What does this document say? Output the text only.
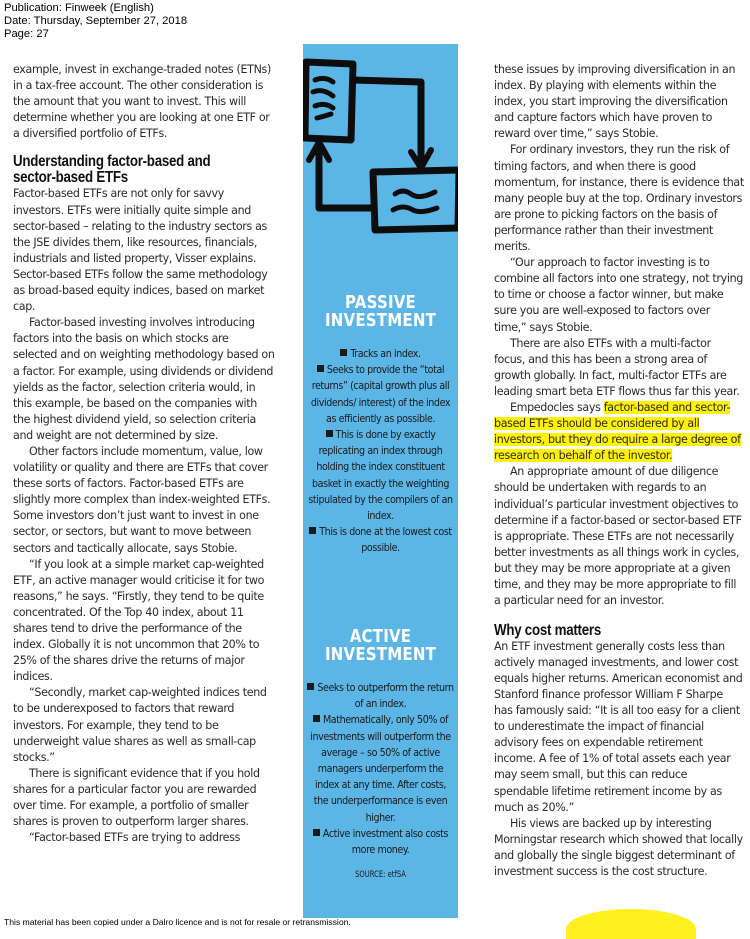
Publication: Finweek (English)
Date: Thursday, September 27, 2018
Page: 27

example, invest in exchange-traded notes (ETNs) in a tax-free account. The other consideration is the amount that you want to invest. This will determine whether you are looking at one ETF or a diversified portfolio of ETFs.

Understanding factor-based and
sector-based ETFs

Factor-based ETFs are not only for savvy investors. ETFs were initially quite simple and sector-based – relating to the industry sectors as the JSE divides them, like resources, financials, industrials and listed property, Visser explains. Sector-based ETFs follow the same methodology as broad-based equity indices, based on market cap.

Factor-based investing involves introducing factors into the basis on which stocks are selected and on weighting methodology based on a factor. For example, using dividends or dividend yields as the factor, selection criteria would, in this example, be based on the companies with the highest dividend yield, so selection criteria and weight are not determined by size.

Other factors include momentum, value, low volatility or quality and there are ETFs that cover these sorts of factors. Factor-based ETFs are slightly more complex than index-weighted ETFs. Some investors don’t just want to invest in one sector, or sectors, but want to move between sectors and tactically allocate, says Stobie.

“If you look at a simple market cap-weighted ETF, an active manager would criticise it for two reasons,” he says. “Firstly, they tend to be quite concentrated. Of the Top 40 index, about 11 shares tend to drive the performance of the index. Globally it is not uncommon that 20% to 25% of the shares drive the returns of major indices.

“Secondly, market cap-weighted indices tend to be underexposed to factors that reward investors. For example, they tend to be underweight value shares as well as small-cap stocks.”

There is significant evidence that if you hold shares for a particular factor you are rewarded over time. For example, a portfolio of smaller shares is proven to outperform larger shares.

“Factor-based ETFs are trying to address

PASSIVE
INVESTMENT

Tracks an index.

Seeks to provide the “total returns” (capital growth plus all dividends/ interest) of the index as efficiently as possible.

This is done by exactly replicating an index through holding the index constituent basket in exactly the weighting stipulated by the compilers of an index.

This is done at the lowest cost possible.

ACTIVE
INVESTMENT

Seeks to outperform the return of an index.

Mathematically, only 50% of investments will outperform the average – so 50% of active managers underperform the index at any time. After costs, the underperformance is even higher.

Active investment also costs more money.

SOURCE: etfSA

these issues by improving diversification in an index. By playing with elements within the index, you start improving the diversification and capture factors which have proven to reward over time,” says Stobie.

For ordinary investors, they run the risk of timing factors, and when there is good momentum, for instance, there is evidence that many people buy at the top. Ordinary investors are prone to picking factors on the basis of performance rather than their investment merits.

“Our approach to factor investing is to combine all factors into one strategy, not trying to time or choose a factor winner, but make sure you are well-exposed to factors over time,” says Stobie.

There are also ETFs with a multi-factor focus, and this has been a strong area of growth globally. In fact, multi-factor ETFs are leading smart beta ETF flows thus far this year.

Empedocles says factor-based and sector-based ETFs should be considered by all investors, but they do require a large degree of research on behalf of the investor.

An appropriate amount of due diligence should be undertaken with regards to an individual’s particular investment objectives to determine if a factor-based or sector-based ETF is appropriate. These ETFs are not necessarily better investments as all things work in cycles, but they may be more appropriate at a given time, and they may be more appropriate to fill a particular need for an investor.

Why cost matters

An ETF investment generally costs less than actively managed investments, and lower cost equals higher returns. American economist and Stanford finance professor William F Sharpe has famously said: “It is all too easy for a client to underestimate the impact of financial advisory fees on expendable retirement income. A fee of 1% of total assets each year may seem small, but this can reduce spendable lifetime retirement income by as much as 20%.”

His views are backed up by interesting Morningstar research which showed that locally and globally the single biggest determinant of investment success is the cost structure.

This material has been copied under a Dalro licence and is not for resale or retransmission.
